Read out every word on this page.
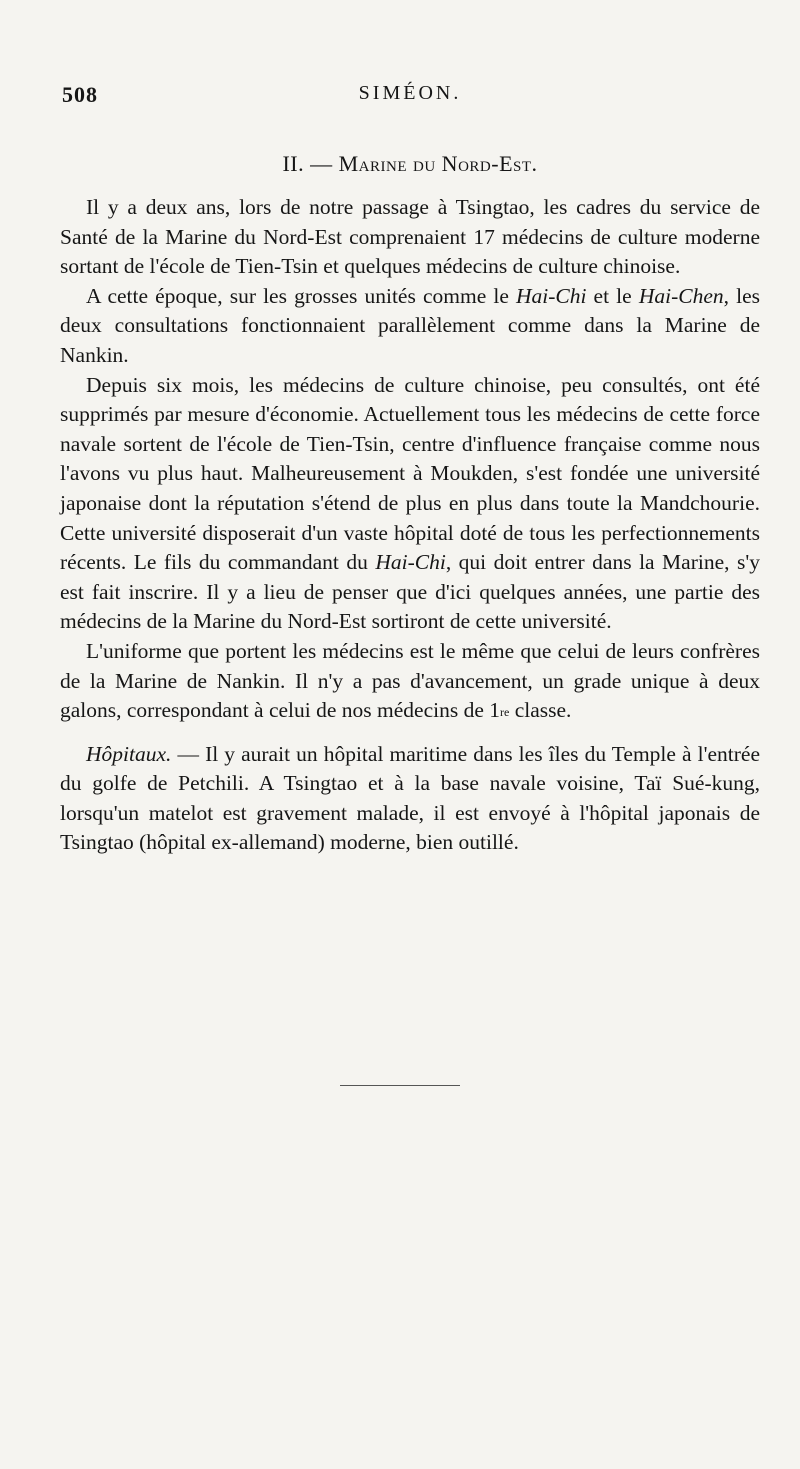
508	SIMÉON.
II. — Marine du Nord-Est.

Il y a deux ans, lors de notre passage à Tsingtao, les cadres du service de Santé de la Marine du Nord-Est comprenaient 17 médecins de culture moderne sortant de l'école de Tien-Tsin et quelques médecins de culture chinoise.

A cette époque, sur les grosses unités comme le Hai-Chi et le Hai-Chen, les deux consultations fonctionnaient parallèlement comme dans la Marine de Nankin.

Depuis six mois, les médecins de culture chinoise, peu consultés, ont été supprimés par mesure d'économie. Actuellement tous les médecins de cette force navale sortent de l'école de Tien-Tsin, centre d'influence française comme nous l'avons vu plus haut. Malheureusement à Moukden, s'est fondée une université japonaise dont la réputation s'étend de plus en plus dans toute la Mandchourie. Cette université disposerait d'un vaste hôpital doté de tous les perfectionnements récents. Le fils du commandant du Hai-Chi, qui doit entrer dans la Marine, s'y est fait inscrire. Il y a lieu de penser que d'ici quelques années, une partie des médecins de la Marine du Nord-Est sortiront de cette université.

L'uniforme que portent les médecins est le même que celui de leurs confrères de la Marine de Nankin. Il n'y a pas d'avancement, un grade unique à deux galons, correspondant à celui de nos médecins de 1re classe.

Hôpitaux. — Il y aurait un hôpital maritime dans les îles du Temple à l'entrée du golfe de Petchili. A Tsingtao et à la base navale voisine, Taï Sué-kung, lorsqu'un matelot est gravement malade, il est envoyé à l'hôpital japonais de Tsingtao (hôpital ex-allemand) moderne, bien outillé.
